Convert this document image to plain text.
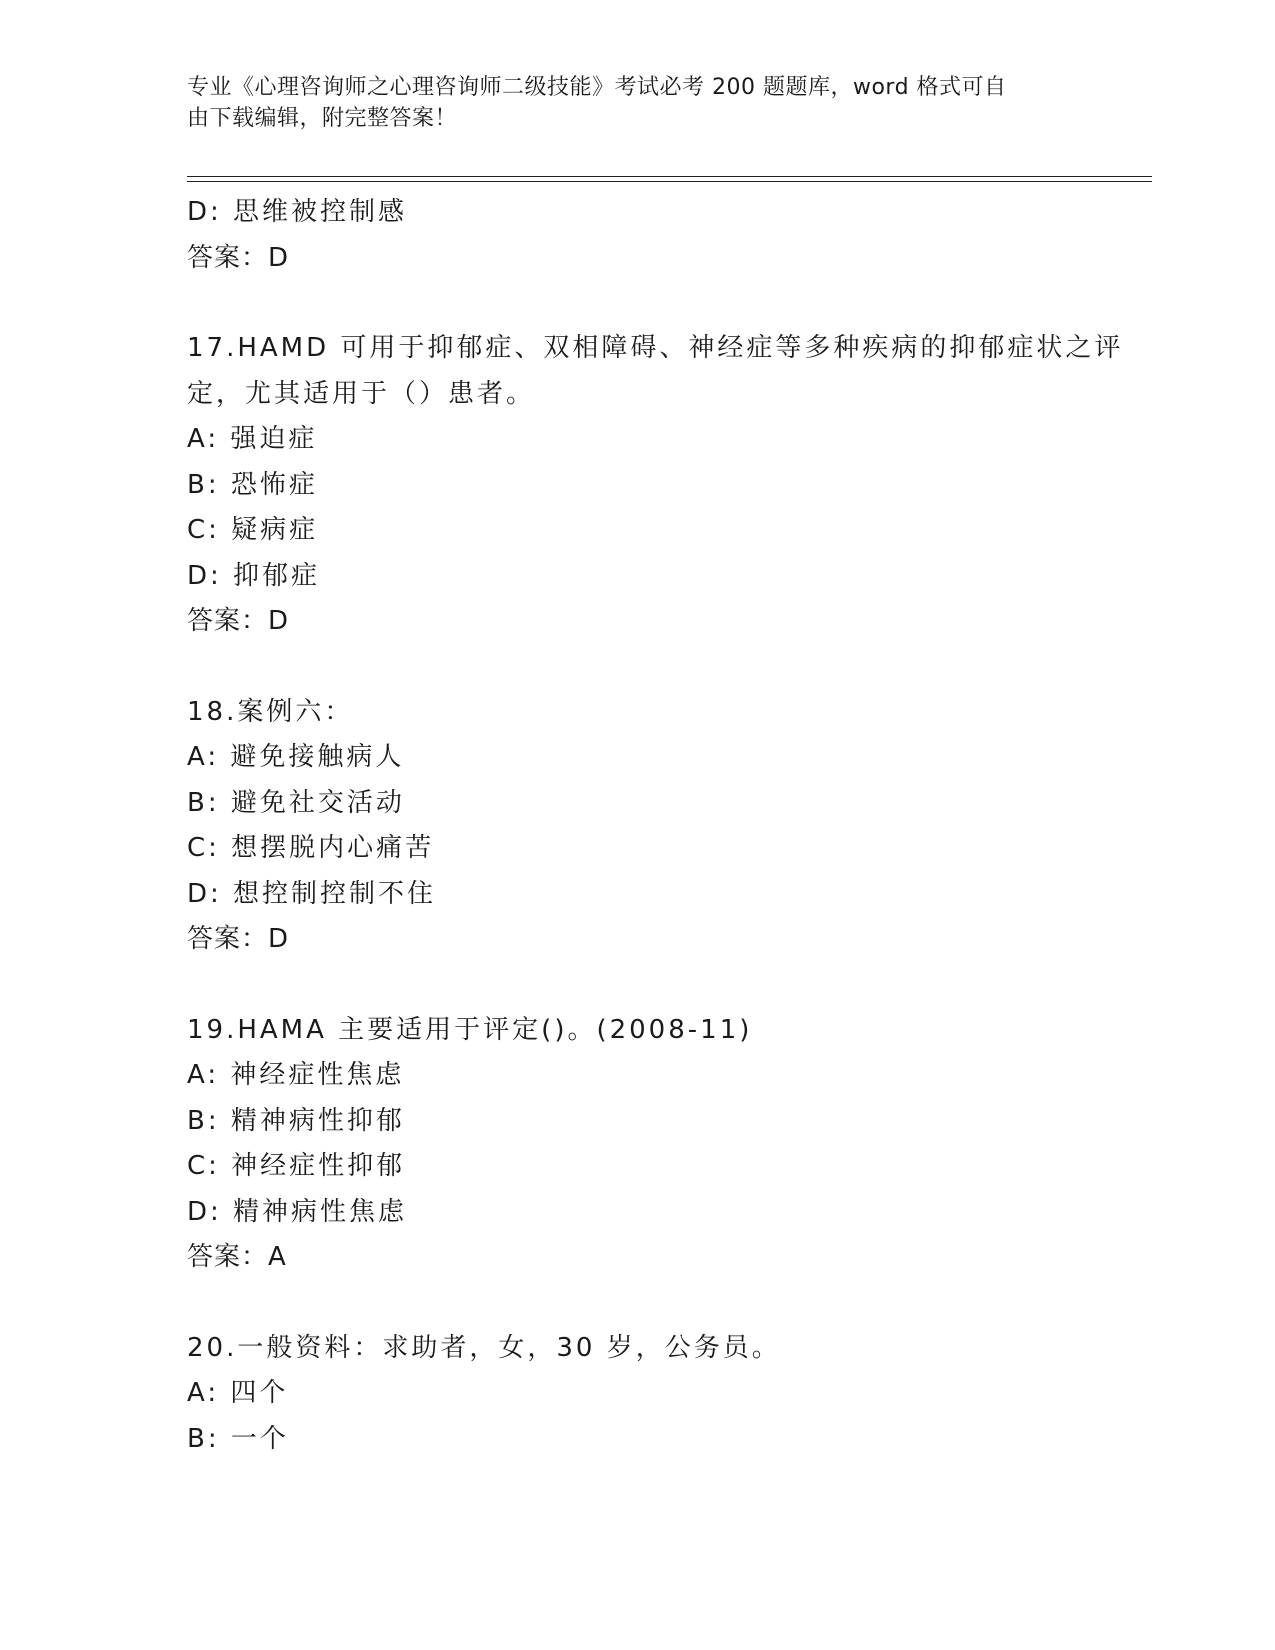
专业《心理咨询师之心理咨询师二级技能》考试必考 200 题题库，word 格式可自
由下载编辑，附完整答案！
D: 思维被控制感
答案：D
17.HAMD 可用于抑郁症、双相障碍、神经症等多种疾病的抑郁症状之评
定，尤其适用于（）患者。
A: 强迫症
B: 恐怖症
C: 疑病症
D: 抑郁症
答案：D
18.案例六：
A: 避免接触病人
B: 避免社交活动
C: 想摆脱内心痛苦
D: 想控制控制不住
答案：D
19.HAMA 主要适用于评定()。(2008-11)
A: 神经症性焦虑
B: 精神病性抑郁
C: 神经症性抑郁
D: 精神病性焦虑
答案：A
20.一般资料：求助者，女，30 岁，公务员。
A: 四个
B: 一个
